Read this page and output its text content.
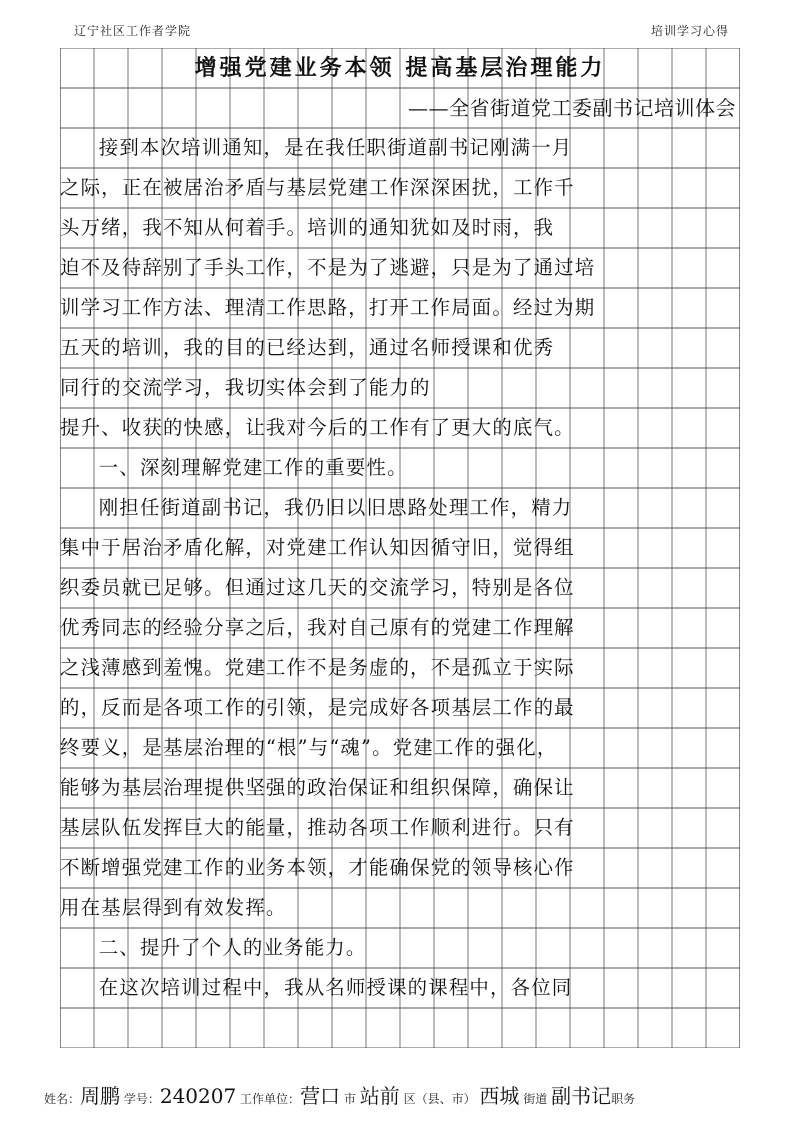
辽宁社区工作者学院	培训学习心得
增强党建业务本领 提高基层治理能力
——全省街道党工委副书记培训体会
接到本次培训通知，是在我任职街道副书记刚满一月
之际，正在被居治矛盾与基层党建工作深深困扰，工作千
头万绪，我不知从何着手。培训的通知犹如及时雨，我
迫不及待辞别了手头工作，不是为了逃避，只是为了通过培
训学习工作方法、理清工作思路，打开工作局面。经过为期
五天的培训，我的目的已经达到，通过名师授课和优秀
同行的交流学习，我切实体会到了能力的
提升、收获的快感，让我对今后的工作有了更大的底气。
一、深刻理解党建工作的重要性。
刚担任街道副书记，我仍旧以旧思路处理工作，精力
集中于居治矛盾化解，对党建工作认知因循守旧，觉得组
织委员就已足够。但通过这几天的交流学习，特别是各位
优秀同志的经验分享之后，我对自己原有的党建工作理解
之浅薄感到羞愧。党建工作不是务虚的，不是孤立于实际
的，反而是各项工作的引领，是完成好各项基层工作的最
终要义，是基层治理的“根”与“魂”。党建工作的强化，
能够为基层治理提供坚强的政治保证和组织保障，确保让
基层队伍发挥巨大的能量，推动各项工作顺利进行。只有
不断增强党建工作的业务本领，才能确保党的领导核心作
用在基层得到有效发挥。
二、提升了个人的业务能力。
在这次培训过程中，我从名师授课的课程中，各位同
姓名：周鹏 学号：240207 工作单位：营口 市 站前 区（县、市） 西城 街道 副书记职务
